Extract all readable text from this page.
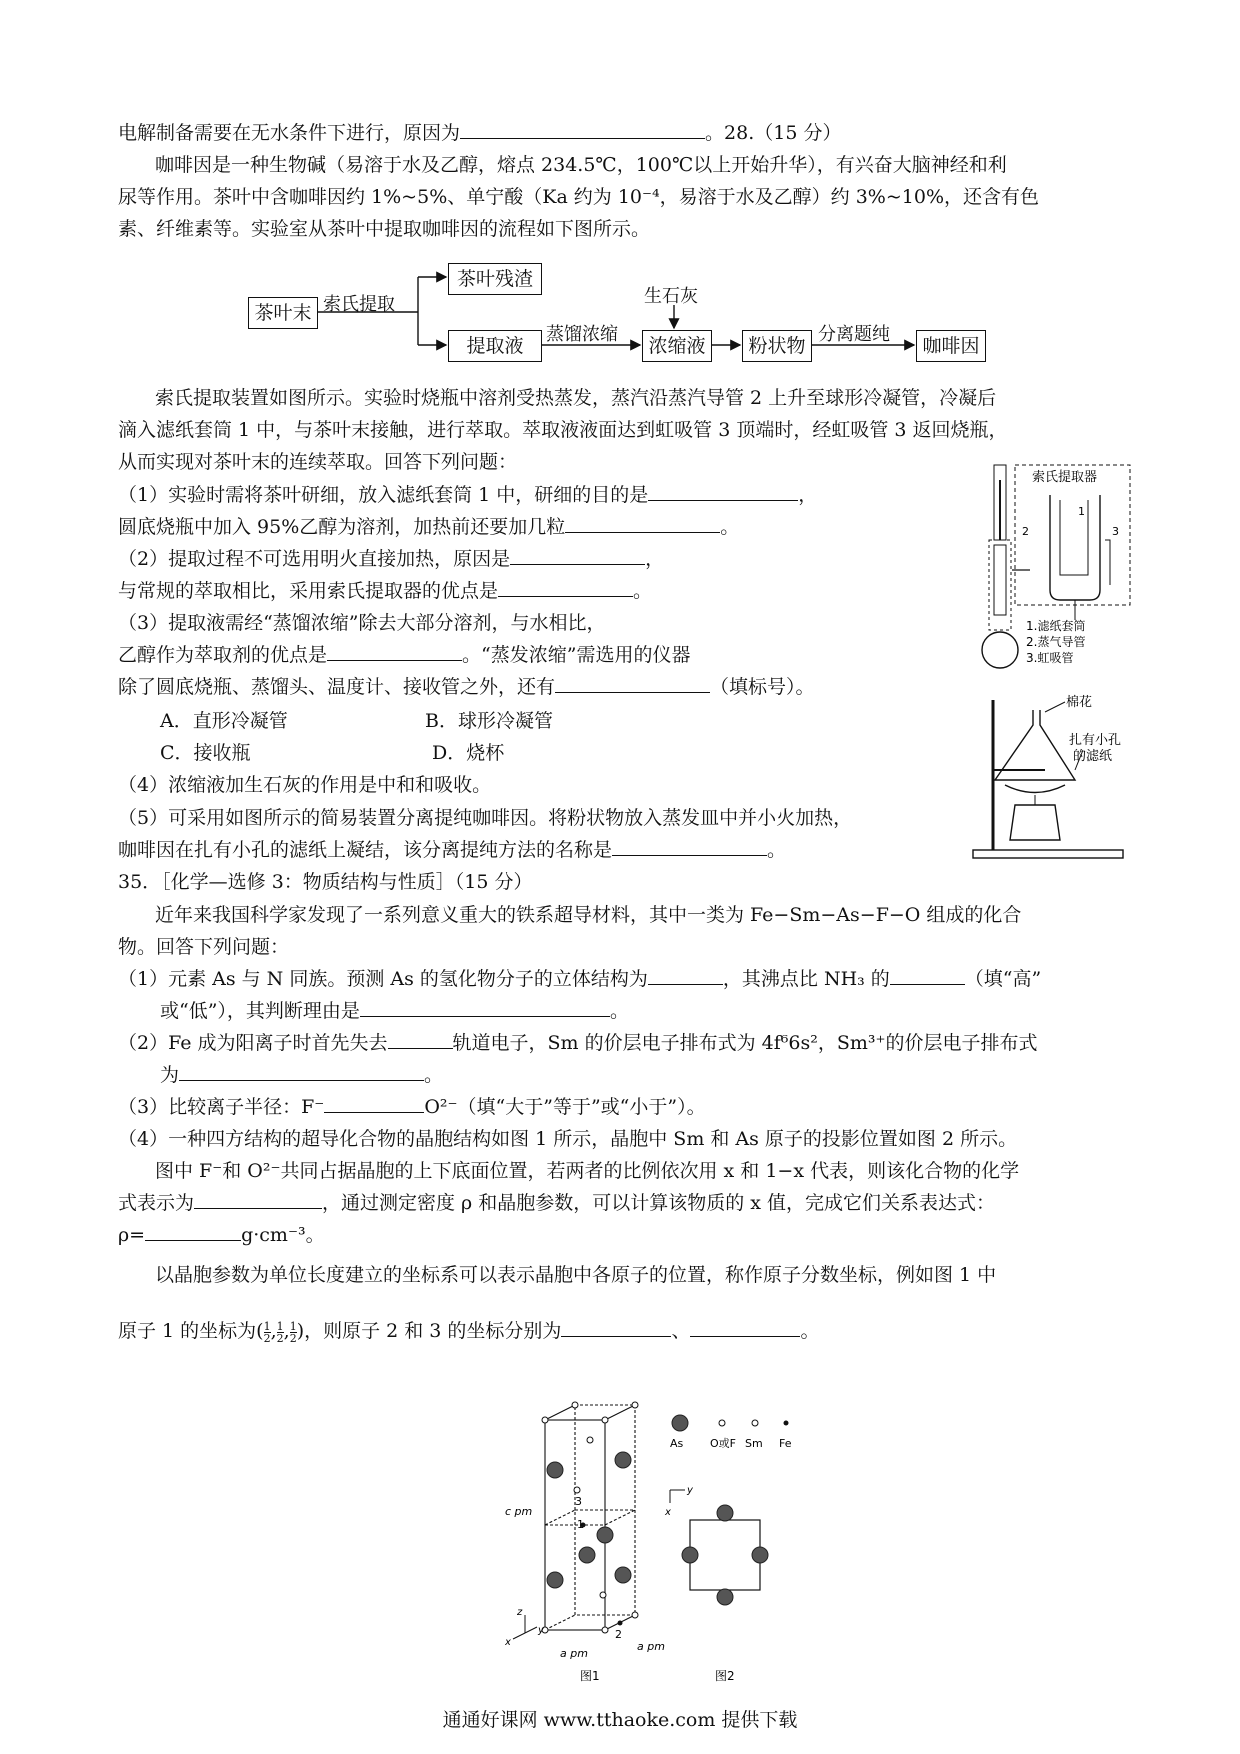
电解制备需要在无水条件下进行，原因为	。28.（15 分）
咖啡因是一种生物碱（易溶于水及乙醇，熔点 234.5℃，100℃以上开始升华），有兴奋大脑神经和利
尿等作用。茶叶中含咖啡因约 1%~5%、单宁酸（Ka 约为 10⁻⁴，易溶于水及乙醇）约 3%~10%，还含有色
素、纤维素等。实验室从茶叶中提取咖啡因的流程如下图所示。
茶叶末 索氏提取
茶叶残渣
提取液
蒸馏浓缩
生石灰
浓缩液	粉状物
分离题纯
咖啡因
索氏提取装置如图所示。实验时烧瓶中溶剂受热蒸发，蒸汽沿蒸汽导管 2 上升至球形冷凝管，冷凝后
滴入滤纸套筒 1 中，与茶叶末接触，进行萃取。萃取液液面达到虹吸管 3 顶端时，经虹吸管 3 返回烧瓶，
从而实现对茶叶末的连续萃取。回答下列问题：
（1）实验时需将茶叶研细，放入滤纸套筒 1 中，研细的目的是	，
圆底烧瓶中加入 95%乙醇为溶剂，加热前还要加几粒	。
（2）提取过程不可选用明火直接加热，原因是	，
与常规的萃取相比，采用索氏提取器的优点是	。
（3）提取液需经“蒸馏浓缩”除去大部分溶剂，与水相比，
乙醇作为萃取剂的优点是	。“蒸发浓缩”需选用的仪器
除了圆底烧瓶、蒸馏头、温度计、接收管之外，还有	（填标号）。
A．直形冷凝管	B．球形冷凝管
C．接收瓶	D．烧杯
（4）浓缩液加生石灰的作用是中和和吸收。
（5）可采用如图所示的简易装置分离提纯咖啡因。将粉状物放入蒸发皿中并小火加热，
咖啡因在扎有小孔的滤纸上凝结，该分离提纯方法的名称是	。
索氏提取器
1
2	3
1.滤纸套筒
2.蒸气导管
3.虹吸管
棉花
扎有小孔
的滤纸
35．［化学—选修 3：物质结构与性质］（15 分）
近年来我国科学家发现了一系列意义重大的铁系超导材料，其中一类为 Fe−Sm−As−F−O 组成的化合
物。回答下列问题：
（1）元素 As 与 N 同族。预测 As 的氢化物分子的立体结构为	，其沸点比 NH₃ 的	（填“高”
或“低”），其判断理由是	。
（2）Fe 成为阳离子时首先失去	轨道电子，Sm 的价层电子排布式为 4f⁶6s²，Sm³⁺的价层电子排布式
为	。
（3）比较离子半径：F⁻	O²⁻（填“大于”等于”或“小于”）。
（4）一种四方结构的超导化合物的晶胞结构如图 1 所示，晶胞中 Sm 和 As 原子的投影位置如图 2 所示。
图中 F⁻和 O²⁻共同占据晶胞的上下底面位置，若两者的比例依次用 x 和 1−x 代表，则该化合物的化学
式表示为	，通过测定密度 ρ 和晶胞参数，可以计算该物质的 x 值，完成它们关系表达式：
ρ=	g·cm⁻³。
以晶胞参数为单位长度建立的坐标系可以表示晶胞中各原子的位置，称作原子分数坐标，例如图 1 中
原子 1 的坐标为( $\frac{1}{2}$ , $\frac{1}{2}$ , $\frac{1}{2}$ )，则原子 2 和 3 的坐标分别为	、	。
As O或F Sm Fe
c pm
a pm
a pm
1
2
3
z
x
y
y
x
图1	图2
通通好课网 www.tthaoke.com 提供下载
